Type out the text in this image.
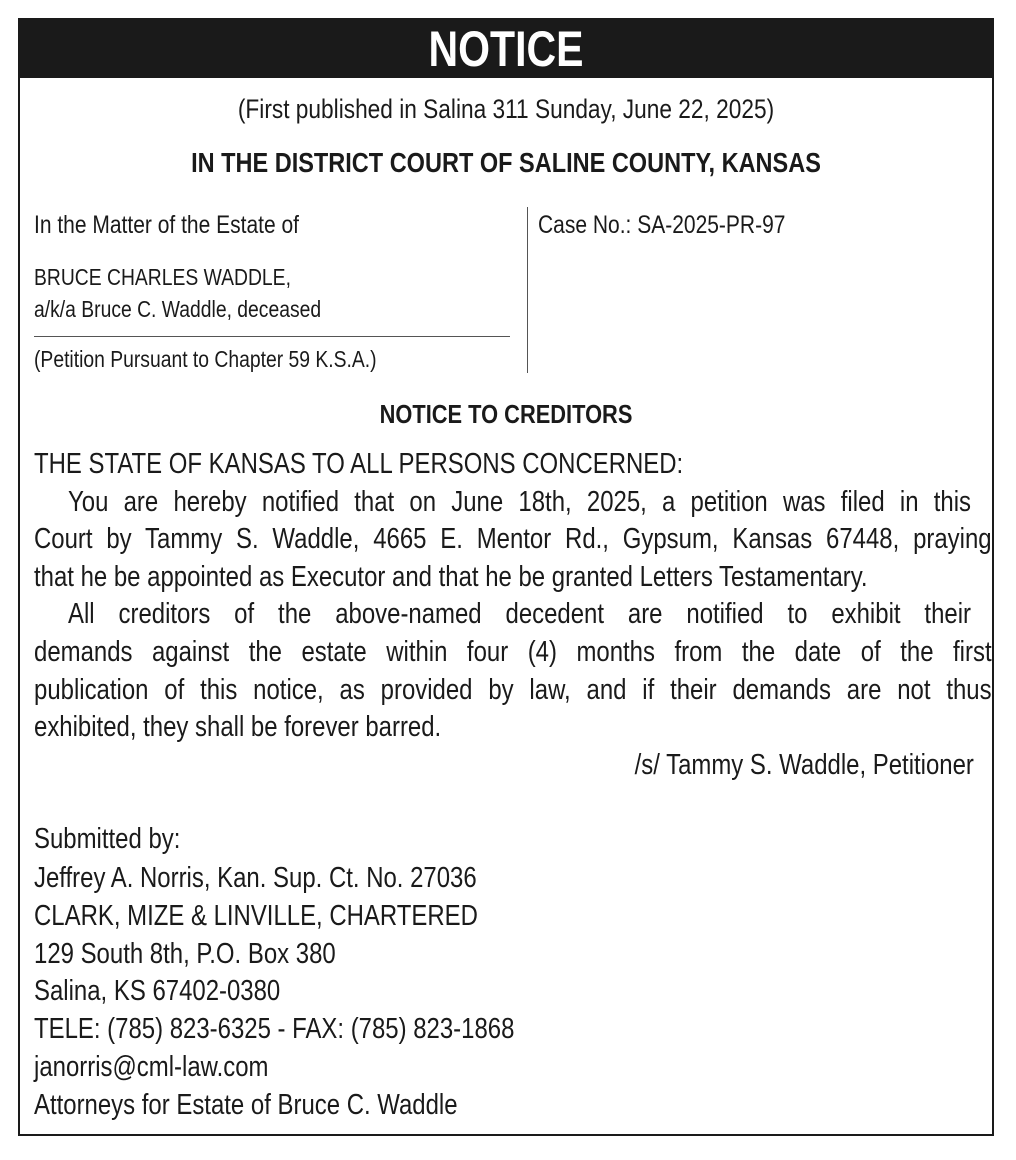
NOTICE
(First published in Salina 311 Sunday, June 22, 2025)
IN THE DISTRICT COURT OF SALINE COUNTY, KANSAS
In the Matter of the Estate of
BRUCE CHARLES WADDLE,
a/k/a Bruce C. Waddle, deceased
(Petition Pursuant to Chapter 59 K.S.A.)
Case No.: SA-2025-PR-97
NOTICE TO CREDITORS
THE STATE OF KANSAS TO ALL PERSONS CONCERNED:
You are hereby notified that on June 18th, 2025, a petition was filed in this
Court by Tammy S. Waddle, 4665 E. Mentor Rd., Gypsum, Kansas 67448, praying
that he be appointed as Executor and that he be granted Letters Testamentary.
All creditors of the above-named decedent are notified to exhibit their
demands against the estate within four (4) months from the date of the first
publication of this notice, as provided by law, and if their demands are not thus
exhibited, they shall be forever barred.
/s/ Tammy S. Waddle, Petitioner
Submitted by:
Jeffrey A. Norris, Kan. Sup. Ct. No. 27036
CLARK, MIZE & LINVILLE, CHARTERED
129 South 8th, P.O. Box 380
Salina, KS 67402-0380
TELE: (785) 823-6325 - FAX: (785) 823-1868
janorris@cml-law.com
Attorneys for Estate of Bruce C. Waddle
